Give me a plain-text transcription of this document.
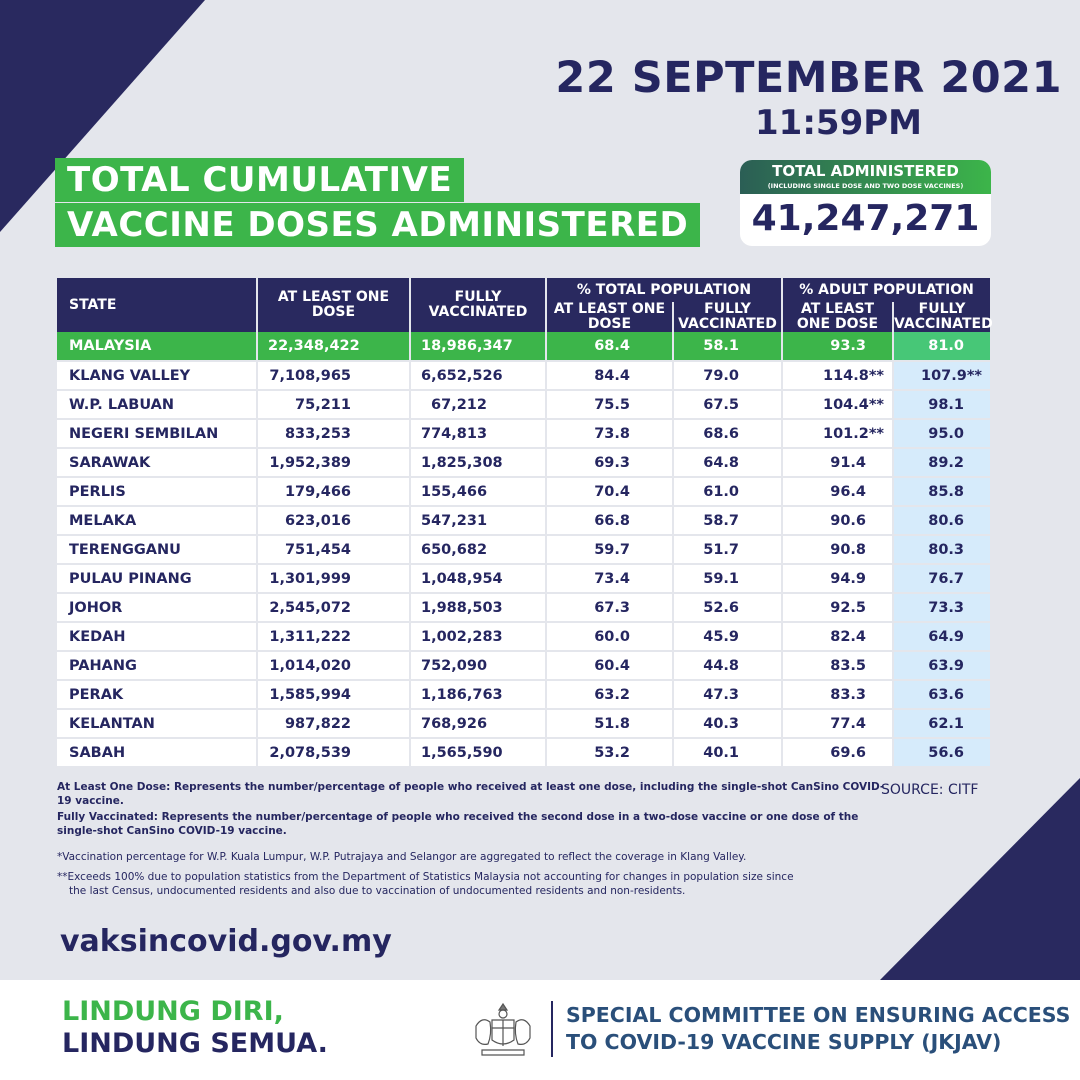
22 SEPTEMBER 2021
11:59PM
TOTAL CUMULATIVE
VACCINE DOSES ADMINISTERED
TOTAL ADMINISTERED
(INCLUDING SINGLE DOSE AND TWO DOSE VACCINES)
41,247,271
STATE	AT LEAST ONE DOSE	FULLY VACCINATED	% TOTAL POPULATION		% ADULT POPULATION	
			AT LEAST ONE DOSE	FULLY VACCINATED	AT LEAST ONE DOSE	FULLY VACCINATED
MALAYSIA	22,348,422	18,986,347	68.4	58.1	93.3	81.0
KLANG VALLEY	7,108,965	6,652,526	84.4	79.0	114.8**	107.9**
W.P. LABUAN	75,211	67,212	75.5	67.5	104.4**	98.1
NEGERI SEMBILAN	833,253	774,813	73.8	68.6	101.2**	95.0
SARAWAK	1,952,389	1,825,308	69.3	64.8	91.4	89.2
PERLIS	179,466	155,466	70.4	61.0	96.4	85.8
MELAKA	623,016	547,231	66.8	58.7	90.6	80.6
TERENGGANU	751,454	650,682	59.7	51.7	90.8	80.3
PULAU PINANG	1,301,999	1,048,954	73.4	59.1	94.9	76.7
JOHOR	2,545,072	1,988,503	67.3	52.6	92.5	73.3
KEDAH	1,311,222	1,002,283	60.0	45.9	82.4	64.9
PAHANG	1,014,020	752,090	60.4	44.8	83.5	63.9
PERAK	1,585,994	1,186,763	63.2	47.3	83.3	63.6
KELANTAN	987,822	768,926	51.8	40.3	77.4	62.1
SABAH	2,078,539	1,565,590	53.2	40.1	69.6	56.6
At Least One Dose: Represents the number/percentage of people who received at least one dose, including the single-shot CanSino COVID-19 vaccine.
Fully Vaccinated: Represents the number/percentage of people who received the second dose in a two-dose vaccine or one dose of the single-shot CanSino COVID-19 vaccine.
*Vaccination percentage for W.P. Kuala Lumpur, W.P. Putrajaya and Selangor are aggregated to reflect the coverage in Klang Valley.
**Exceeds 100% due to population statistics from the Department of Statistics Malaysia not accounting for changes in population size since
the last Census, undocumented residents and also due to vaccination of undocumented residents and non-residents.
SOURCE: CITF
vaksincovid.gov.my
LINDUNG DIRI,
LINDUNG SEMUA.
SPECIAL COMMITTEE ON ENSURING ACCESS
TO COVID-19 VACCINE SUPPLY (JKJAV)
